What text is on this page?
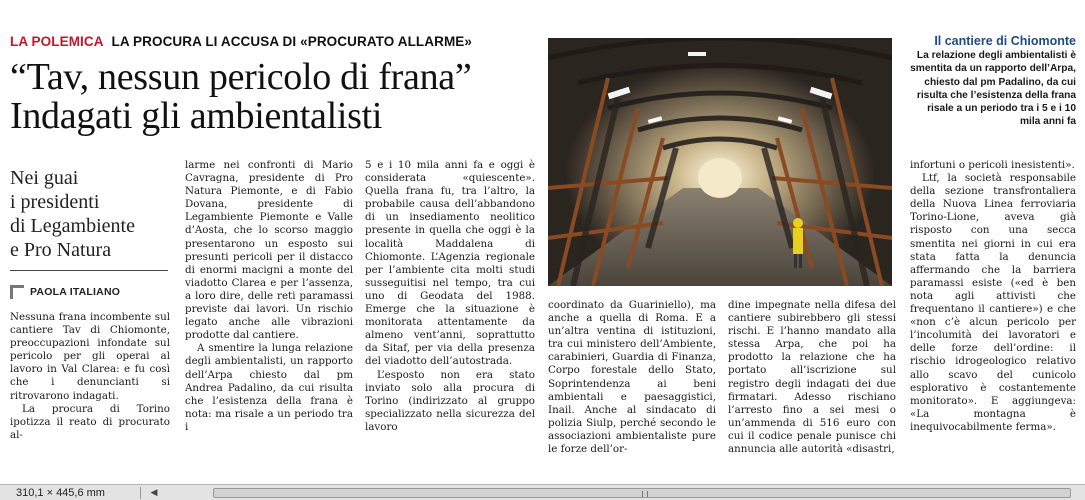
LA POLEMICA LA PROCURA LI ACCUSA DI «PROCURATO ALLARME»
“Tav, nessun pericolo di frana”
Indagati gli ambientalisti
Nei guai
i presidenti
di Legambiente
e Pro Natura
PAOLA ITALIANO

Nessuna frana incombente sul cantiere Tav di Chiomonte, preoccupazioni infondate sul pericolo per gli operai al lavoro in Val Clarea: e fu così che i denuncianti si ritrovarono indagati.

La procura di Torino ipotizza il reato di procurato al-

larme nei confronti di Mario Cavragna, presidente di Pro Natura Piemonte, e di Fabio Dovana, presidente di Legambiente Piemonte e Valle d’Aosta, che lo scorso maggio presentarono un esposto sui presunti pericoli per il distacco di enormi macigni a monte del viadotto Clarea e per l’assenza, a loro dire, delle reti paramassi previste dai lavori. Un rischio legato anche alle vibrazioni prodotte dal cantiere.

A smentire la lunga relazione degli ambientalisti, un rapporto dell’Arpa chiesto dal pm Andrea Padalino, da cui risulta che l’esistenza della frana è nota: ma risale a un periodo tra i

5 e i 10 mila anni fa e oggi è considerata «quiescente». Quella frana fu, tra l’altro, la probabile causa dell’abbandono di un insediamento neolitico presente in quella che oggi è la località Maddalena di Chiomonte. L’Agenzia regionale per l’ambiente cita molti studi susseguitisi nel tempo, tra cui uno di Geodata del 1988. Emerge che la situazione è monitorata attentamente da almeno vent’anni, soprattutto da Sitaf, per via della presenza del viadotto dell’autostrada.

L’esposto non era stato inviato solo alla procura di Torino (indirizzato al gruppo specializzato nella sicurezza del lavoro

Il cantiere di Chiomonte
La relazione degli ambientalisti è smentita da un rapporto dell’Arpa, chiesto dal pm Padalino, da cui risulta che l’esistenza della frana risale a un periodo tra i 5 e i 10 mila anni fa

coordinato da Guariniello), ma anche a quella di Roma. E a un’altra ventina di istituzioni, tra cui ministero dell’Ambiente, carabinieri, Guardia di Finanza, Corpo forestale dello Stato, Soprintendenza ai beni ambientali e paesaggistici, Inail. Anche al sindacato di polizia Siulp, perché secondo le associazioni ambientaliste pure le forze dell’or-

dine impegnate nella difesa del cantiere subirebbero gli stessi rischi. E l’hanno mandato alla stessa Arpa, che poi ha prodotto la relazione che ha portato all’iscrizione sul registro degli indagati dei due firmatari. Adesso rischiano l’arresto fino a sei mesi o un’ammenda di 516 euro con cui il codice penale punisce chi annuncia alle autorità «disastri,

infortuni o pericoli inesistenti».

Ltf, la società responsabile della sezione transfrontaliera della Nuova Linea ferroviaria Torino-Lione, aveva già risposto con una secca smentita nei giorni in cui era stata fatta la denuncia affermando che la barriera paramassi esiste («ed è ben nota agli attivisti che frequentano il cantiere») e che «non c’è alcun pericolo per l’incolumità dei lavoratori e delle forze dell’ordine: il rischio idrogeologico relativo allo scavo del cunicolo esplorativo è costantemente monitorato». E aggiungeva: «La montagna è inequivocabilmente ferma».

310,1 × 445,6 mm	◀
